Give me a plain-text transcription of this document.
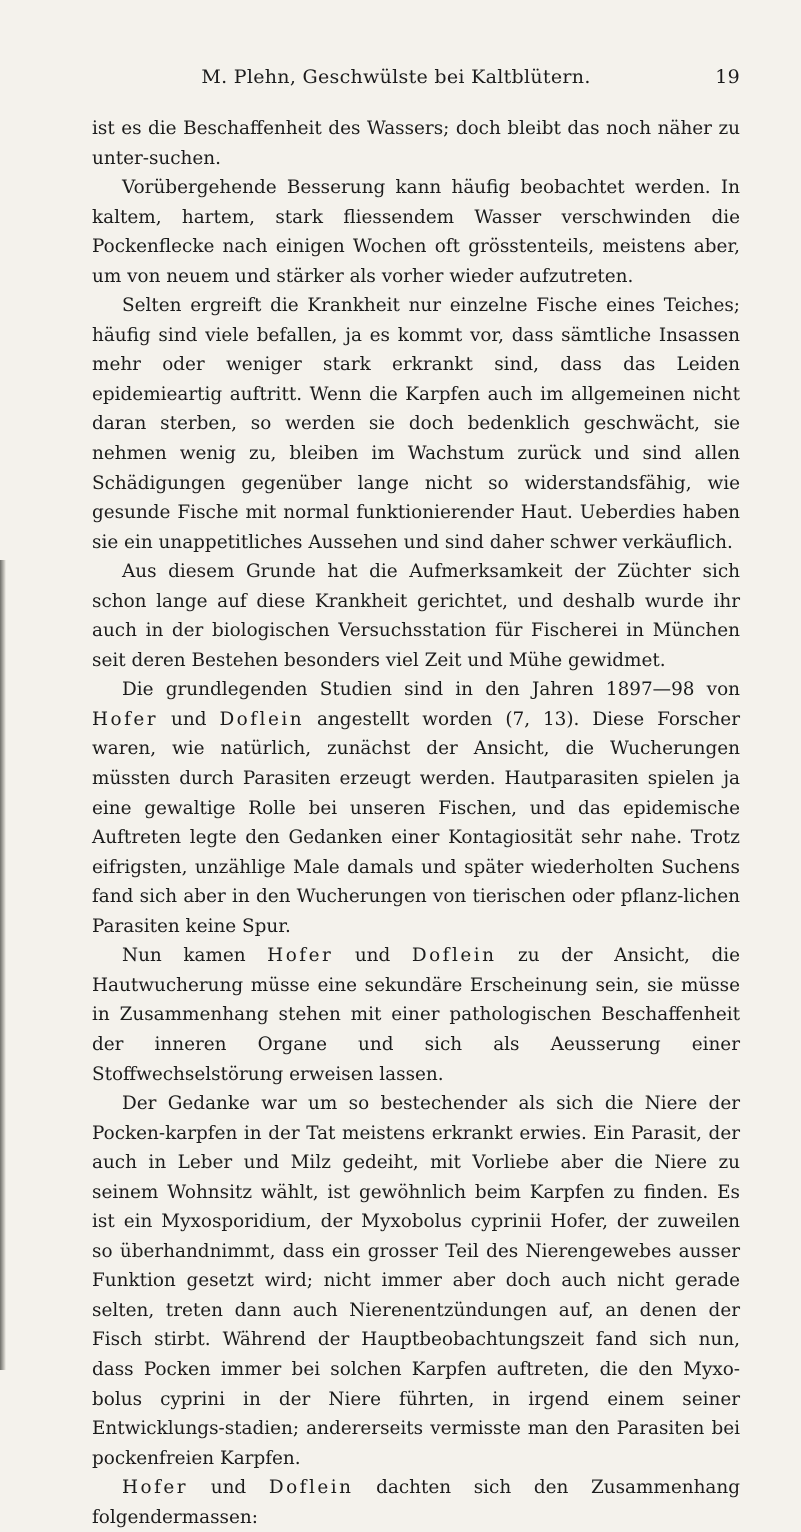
M. Plehn, Geschwülste bei Kaltblütern.	19

ist es die Beschaffenheit des Wassers; doch bleibt das noch näher zu unter-suchen.

Vorübergehende Besserung kann häufig beobachtet werden. In kaltem, hartem, stark fliessendem Wasser verschwinden die Pockenflecke nach einigen Wochen oft grösstenteils, meistens aber, um von neuem und stärker als vorher wieder aufzutreten.

Selten ergreift die Krankheit nur einzelne Fische eines Teiches; häufig sind viele befallen, ja es kommt vor, dass sämtliche Insassen mehr oder weniger stark erkrankt sind, dass das Leiden epidemieartig auftritt. Wenn die Karpfen auch im allgemeinen nicht daran sterben, so werden sie doch bedenklich geschwächt, sie nehmen wenig zu, bleiben im Wachstum zurück und sind allen Schädigungen gegenüber lange nicht so widerstandsfähig, wie gesunde Fische mit normal funktionierender Haut. Ueberdies haben sie ein unappetitliches Aussehen und sind daher schwer verkäuflich.

Aus diesem Grunde hat die Aufmerksamkeit der Züchter sich schon lange auf diese Krankheit gerichtet, und deshalb wurde ihr auch in der biologischen Versuchsstation für Fischerei in München seit deren Bestehen besonders viel Zeit und Mühe gewidmet.

Die grundlegenden Studien sind in den Jahren 1897—98 von Hofer und Doflein angestellt worden (7, 13). Diese Forscher waren, wie natürlich, zunächst der Ansicht, die Wucherungen müssten durch Parasiten erzeugt werden. Hautparasiten spielen ja eine gewaltige Rolle bei unseren Fischen, und das epidemische Auftreten legte den Gedanken einer Kontagiosität sehr nahe. Trotz eifrigsten, unzählige Male damals und später wiederholten Suchens fand sich aber in den Wucherungen von tierischen oder pflanz-lichen Parasiten keine Spur.

Nun kamen Hofer und Doflein zu der Ansicht, die Hautwucherung müsse eine sekundäre Erscheinung sein, sie müsse in Zusammenhang stehen mit einer pathologischen Beschaffenheit der inneren Organe und sich als Aeusserung einer Stoffwechselstörung erweisen lassen.

Der Gedanke war um so bestechender als sich die Niere der Pocken-karpfen in der Tat meistens erkrankt erwies. Ein Parasit, der auch in Leber und Milz gedeiht, mit Vorliebe aber die Niere zu seinem Wohnsitz wählt, ist gewöhnlich beim Karpfen zu finden. Es ist ein Myxosporidium, der Myxobolus cyprinii Hofer, der zuweilen so überhandnimmt, dass ein grosser Teil des Nierengewebes ausser Funktion gesetzt wird; nicht immer aber doch auch nicht gerade selten, treten dann auch Nierenentzündungen auf, an denen der Fisch stirbt. Während der Hauptbeobachtungszeit fand sich nun, dass Pocken immer bei solchen Karpfen auftreten, die den Myxo-bolus cyprini in der Niere führten, in irgend einem seiner Entwicklungs-stadien; andererseits vermisste man den Parasiten bei pockenfreien Karpfen.

Hofer und Doflein dachten sich den Zusammenhang folgendermassen:
